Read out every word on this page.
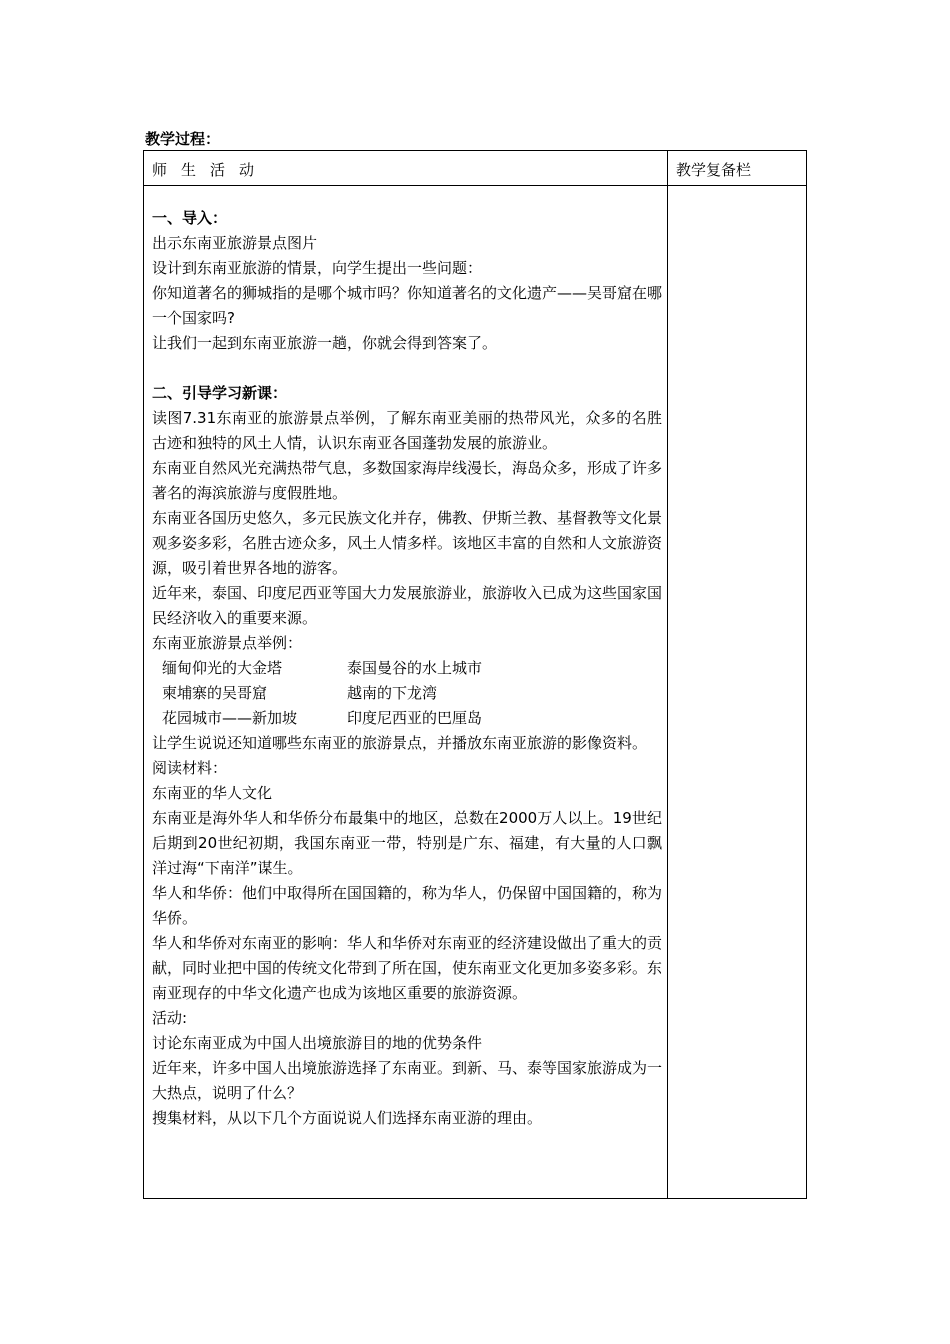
教学过程：
师生活动	教学复备栏

一、导入：

出示东南亚旅游景点图片

设计到东南亚旅游的情景，向学生提出一些问题：

你知道著名的狮城指的是哪个城市吗？你知道著名的文化遗产——吴哥窟在哪一个国家吗?

让我们一起到东南亚旅游一趟，你就会得到答案了。

二、引导学习新课：

读图7.31东南亚的旅游景点举例，了解东南亚美丽的热带风光，众多的名胜古迹和独特的风土人情，认识东南亚各国蓬勃发展的旅游业。

东南亚自然风光充满热带气息，多数国家海岸线漫长，海岛众多，形成了许多著名的海滨旅游与度假胜地。

东南亚各国历史悠久，多元民族文化并存，佛教、伊斯兰教、基督教等文化景观多姿多彩，名胜古迹众多，风土人情多样。该地区丰富的自然和人文旅游资源，吸引着世界各地的游客。

近年来，泰国、印度尼西亚等国大力发展旅游业，旅游收入已成为这些国家国民经济收入的重要来源。

东南亚旅游景点举例：

缅甸仰光的大金塔	泰国曼谷的水上城市
柬埔寨的吴哥窟	越南的下龙湾
花园城市——新加坡	印度尼西亚的巴厘岛

让学生说说还知道哪些东南亚的旅游景点，并播放东南亚旅游的影像资料。

阅读材料：

东南亚的华人文化

东南亚是海外华人和华侨分布最集中的地区，总数在2000万人以上。19世纪后期到20世纪初期，我国东南亚一带，特别是广东、福建，有大量的人口飘洋过海“下南洋”谋生。

华人和华侨：他们中取得所在国国籍的，称为华人，仍保留中国国籍的，称为华侨。

华人和华侨对东南亚的影响：华人和华侨对东南亚的经济建设做出了重大的贡献，同时业把中国的传统文化带到了所在国，使东南亚文化更加多姿多彩。东南亚现存的中华文化遗产也成为该地区重要的旅游资源。

活动:

讨论东南亚成为中国人出境旅游目的地的优势条件

近年来，许多中国人出境旅游选择了东南亚。到新、马、泰等国家旅游成为一大热点，说明了什么？

搜集材料，从以下几个方面说说人们选择东南亚游的理由。
